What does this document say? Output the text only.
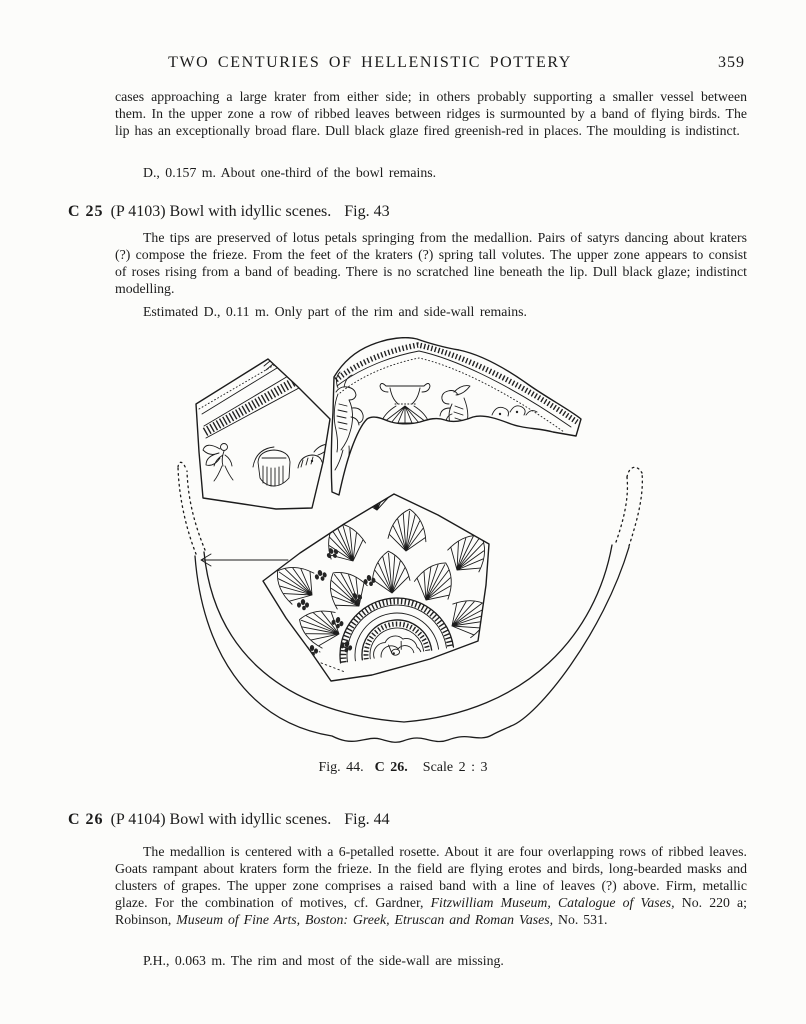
TWO CENTURIES OF HELLENISTIC POTTERY	359
cases approaching a large krater from either side; in others probably supporting a smaller vessel between them. In the upper zone a row of ribbed leaves between ridges is surmounted by a band of flying birds. The lip has an exceptionally broad flare. Dull black glaze fired greenish-red in places. The moulding is indistinct.
D., 0.157 m. About one-third of the bowl remains.
C 25 (P 4103) Bowl with idyllic scenes. Fig. 43
The tips are preserved of lotus petals springing from the medallion. Pairs of satyrs dancing about kraters (?) compose the frieze. From the feet of the kraters (?) spring tall volutes. The upper zone appears to consist of roses rising from a band of beading. There is no scratched line beneath the lip. Dull black glaze; indistinct modelling.
Estimated D., 0.11 m. Only part of the rim and side-wall remains.
Fig. 44. C 26. Scale 2 : 3
C 26 (P 4104) Bowl with idyllic scenes. Fig. 44
The medallion is centered with a 6-petalled rosette. About it are four overlapping rows of ribbed leaves. Goats rampant about kraters form the frieze. In the field are flying erotes and birds, long-bearded masks and clusters of grapes. The upper zone comprises a raised band with a line of leaves (?) above. Firm, metallic glaze. For the combination of motives, cf. Gardner, Fitzwilliam Museum, Catalogue of Vases, No. 220 a; Robinson, Museum of Fine Arts, Boston: Greek, Etruscan and Roman Vases, No. 531.
P.H., 0.063 m. The rim and most of the side-wall are missing.
